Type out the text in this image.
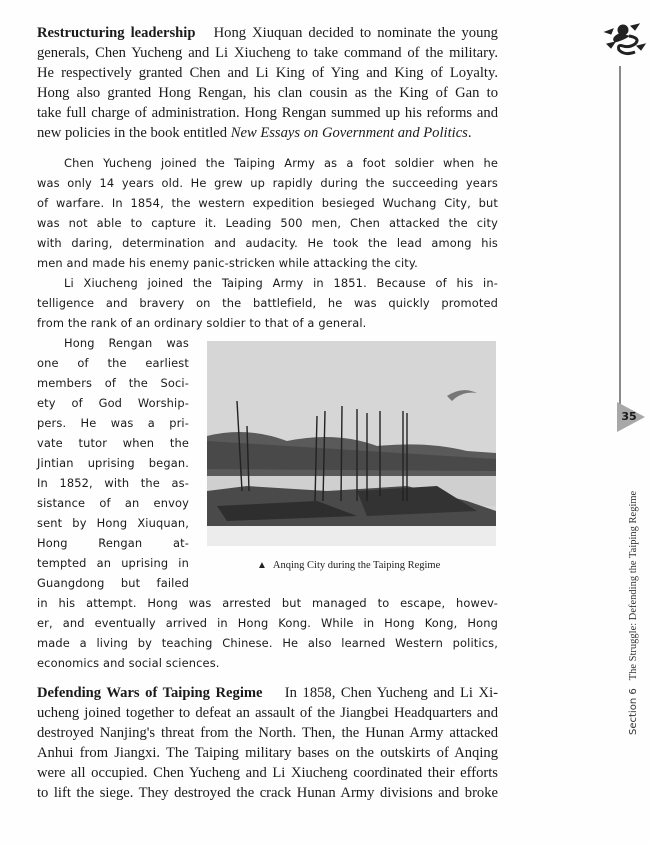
Restructuring leadership Hong Xiuquan decided to nominate the young
generals, Chen Yucheng and Li Xiucheng to take command of the military.
He respectively granted Chen and Li King of Ying and King of Loyalty.
Hong also granted Hong Rengan, his clan cousin as the King of Gan to
take full charge of administration. Hong Rengan summed up his reforms and
new policies in the book entitled New Essays on Government and Politics.
Chen Yucheng joined the Taiping Army as a foot soldier when he
was only 14 years old. He grew up rapidly during the succeeding years
of warfare. In 1854, the western expedition besieged Wuchang City, but
was not able to capture it. Leading 500 men, Chen attacked the city
with daring, determination and audacity. He took the lead among his
men and made his enemy panic-stricken while attacking the city.
Li Xiucheng joined the Taiping Army in 1851. Because of his in-
telligence and bravery on the battlefield, he was quickly promoted
from the rank of an ordinary soldier to that of a general.
Hong Rengan was
one of the earliest
members of the Soci-
ety of God Worship-
pers. He was a pri-
vate tutor when the
Jintian uprising began.
In 1852, with the as-
sistance of an envoy
sent by Hong Xiuquan,
Hong Rengan at-
tempted an uprising in
Guangdong but failed
in his attempt. Hong was arrested but managed to escape, howev-
er, and eventually arrived in Hong Kong. While in Hong Kong, Hong
made a living by teaching Chinese. He also learned Western politics,
economics and social sciences.
▲ Anqing City during the Taiping Regime
Defending Wars of Taiping Regime In 1858, Chen Yucheng and Li Xi-
ucheng joined together to defeat an assault of the Jiangbei Headquarters and
destroyed Nanjing's threat from the North. Then, the Hunan Army attacked
Anhui from Jiangxi. The Taiping military bases on the outskirts of Anqing
were all occupied. Chen Yucheng and Li Xiucheng coordinated their efforts
to lift the siege. They destroyed the crack Hunan Army divisions and broke
35
Section 6The Struggle: Defending the Taiping Regime
